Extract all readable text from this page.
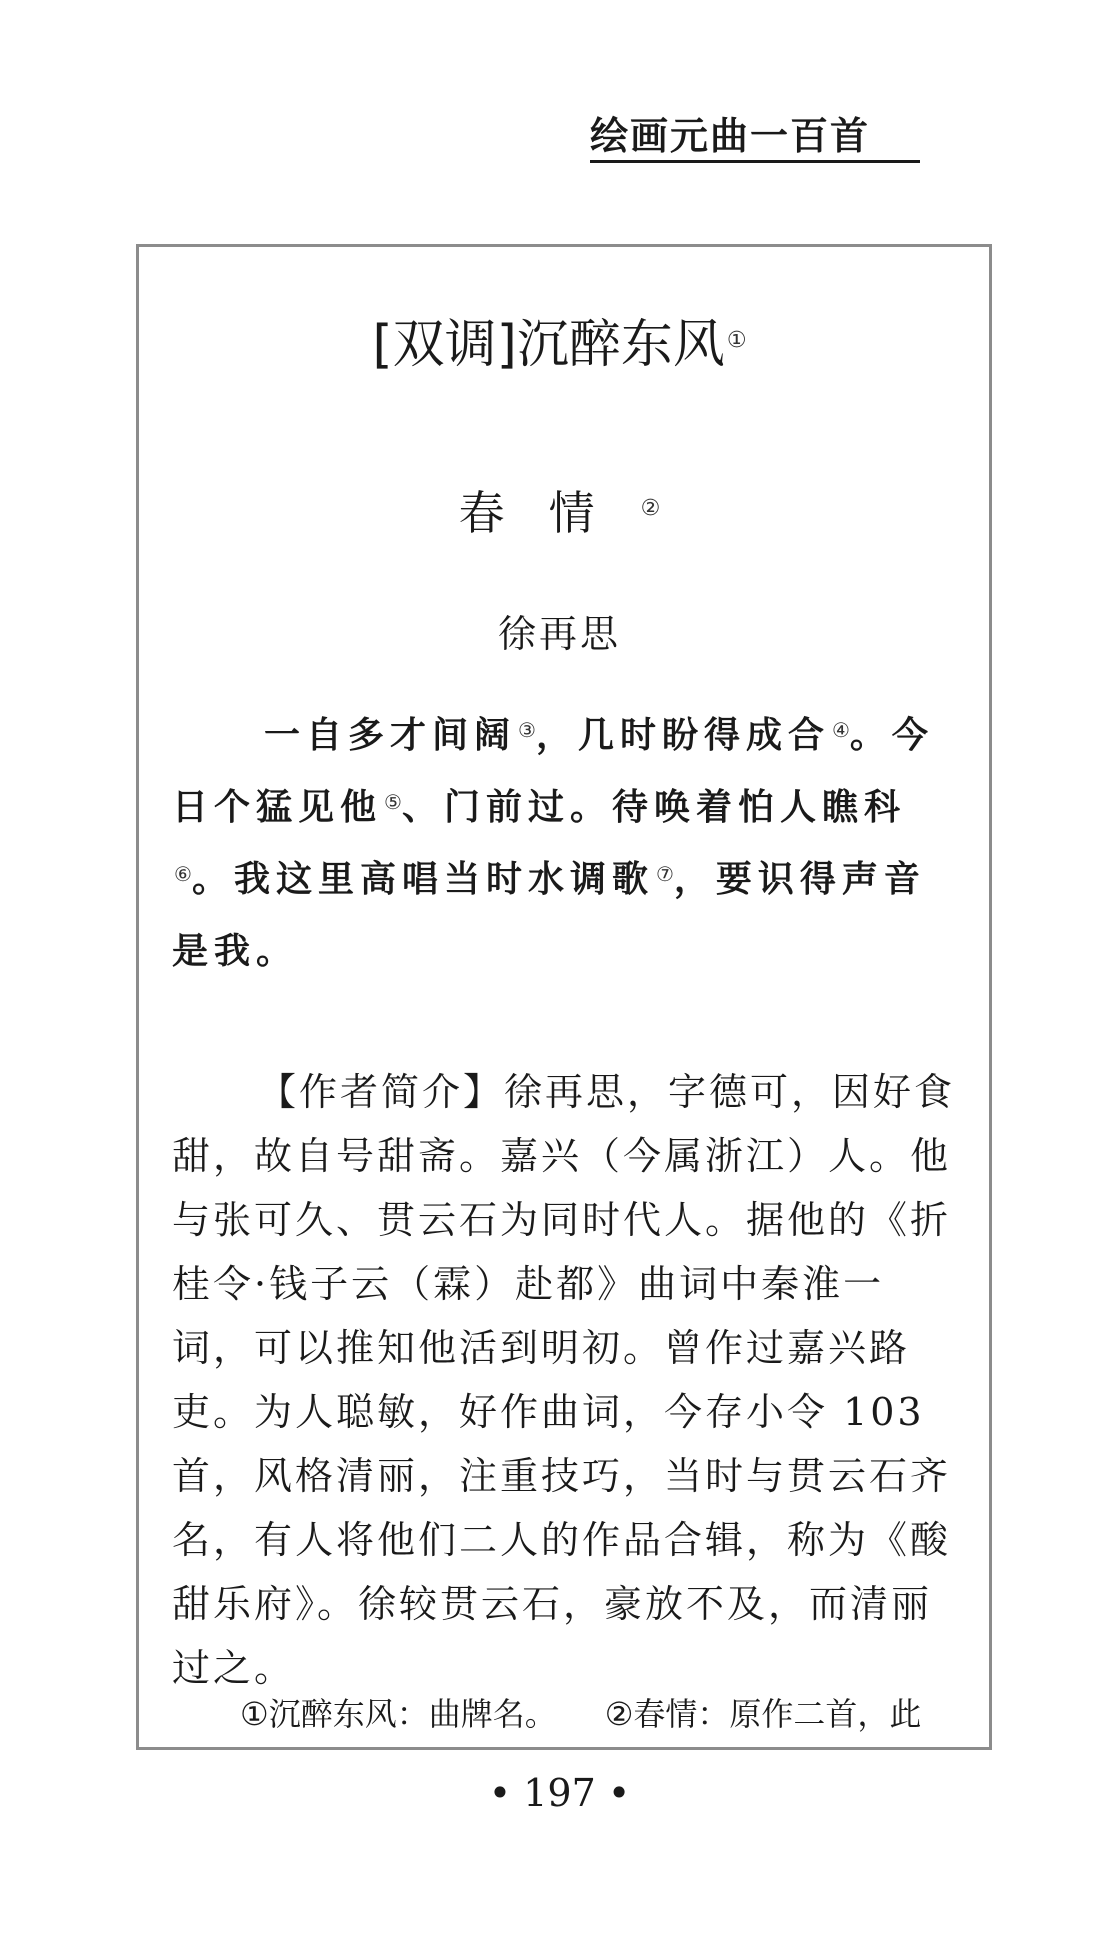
绘画元曲一百首
[双调]沉醉东风①
春情②
徐再思
一自多才间阔 ③，几时盼得成合 ④。今日个猛见他 ⑤、门前过。待唤着怕人瞧科⑥。我这里高唱当时水调歌 ⑦，要识得声音是我。
【作者简介】徐再思，字德可，因好食甜，故自号甜斋。嘉兴（今属浙江）人。他与张可久、贯云石为同时代人。据他的《折桂令·钱子云（霖）赴都》曲词中秦淮一词，可以推知他活到明初。曾作过嘉兴路吏。为人聪敏，好作曲词，今存小令 103 首，风格清丽，注重技巧，当时与贯云石齐名，有人将他们二人的作品合辑，称为《酸甜乐府》。徐较贯云石，豪放不及，而清丽过之。
①沉醉东风：曲牌名。 ②春情：原作二首，此
• 197 •
